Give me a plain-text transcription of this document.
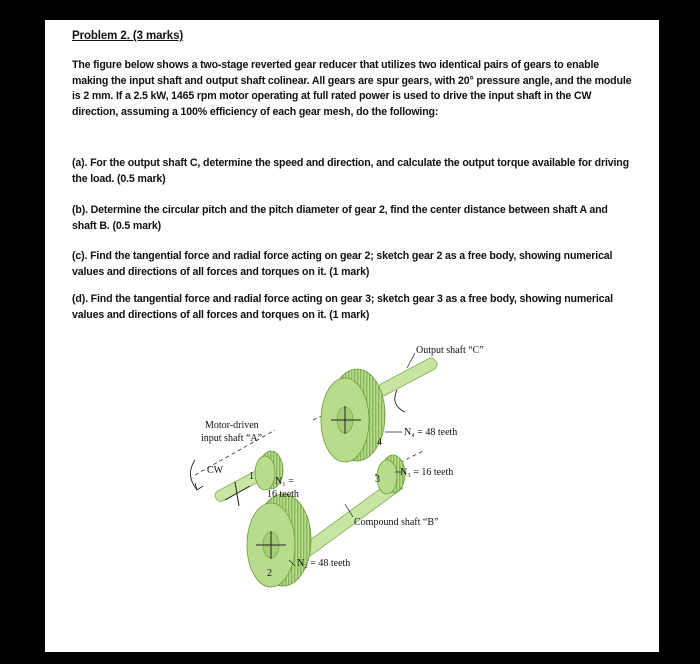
Problem 2. (3 marks)
The figure below shows a two-stage reverted gear reducer that utilizes two identical pairs of gears to enable making the input shaft and output shaft colinear. All gears are spur gears, with 20° pressure angle, and the module is 2 mm. If a 2.5 kW, 1465 rpm motor operating at full rated power is used to drive the input shaft in the CW direction, assuming a 100% efficiency of each gear mesh, do the following:
(a). For the output shaft C, determine the speed and direction, and calculate the output torque available for driving the load. (0.5 mark)
(b). Determine the circular pitch and the pitch diameter of gear 2, find the center distance between shaft A and shaft B. (0.5 mark)
(c). Find the tangential force and radial force acting on gear 2; sketch gear 2 as a free body, showing numerical values and directions of all forces and torques on it. (1 mark)
(d). Find the tangential force and radial force acting on gear 3; sketch gear 3 as a free body, showing numerical values and directions of all forces and torques on it. (1 mark)
Output shaft “C”
Motor-driven
input shaft “A”
CW
N₄ = 48 teeth
N₃ = 16 teeth
N₁ =
16 teeth
Compound shaft “B”
N₂ = 48 teeth
4
3
1
2
